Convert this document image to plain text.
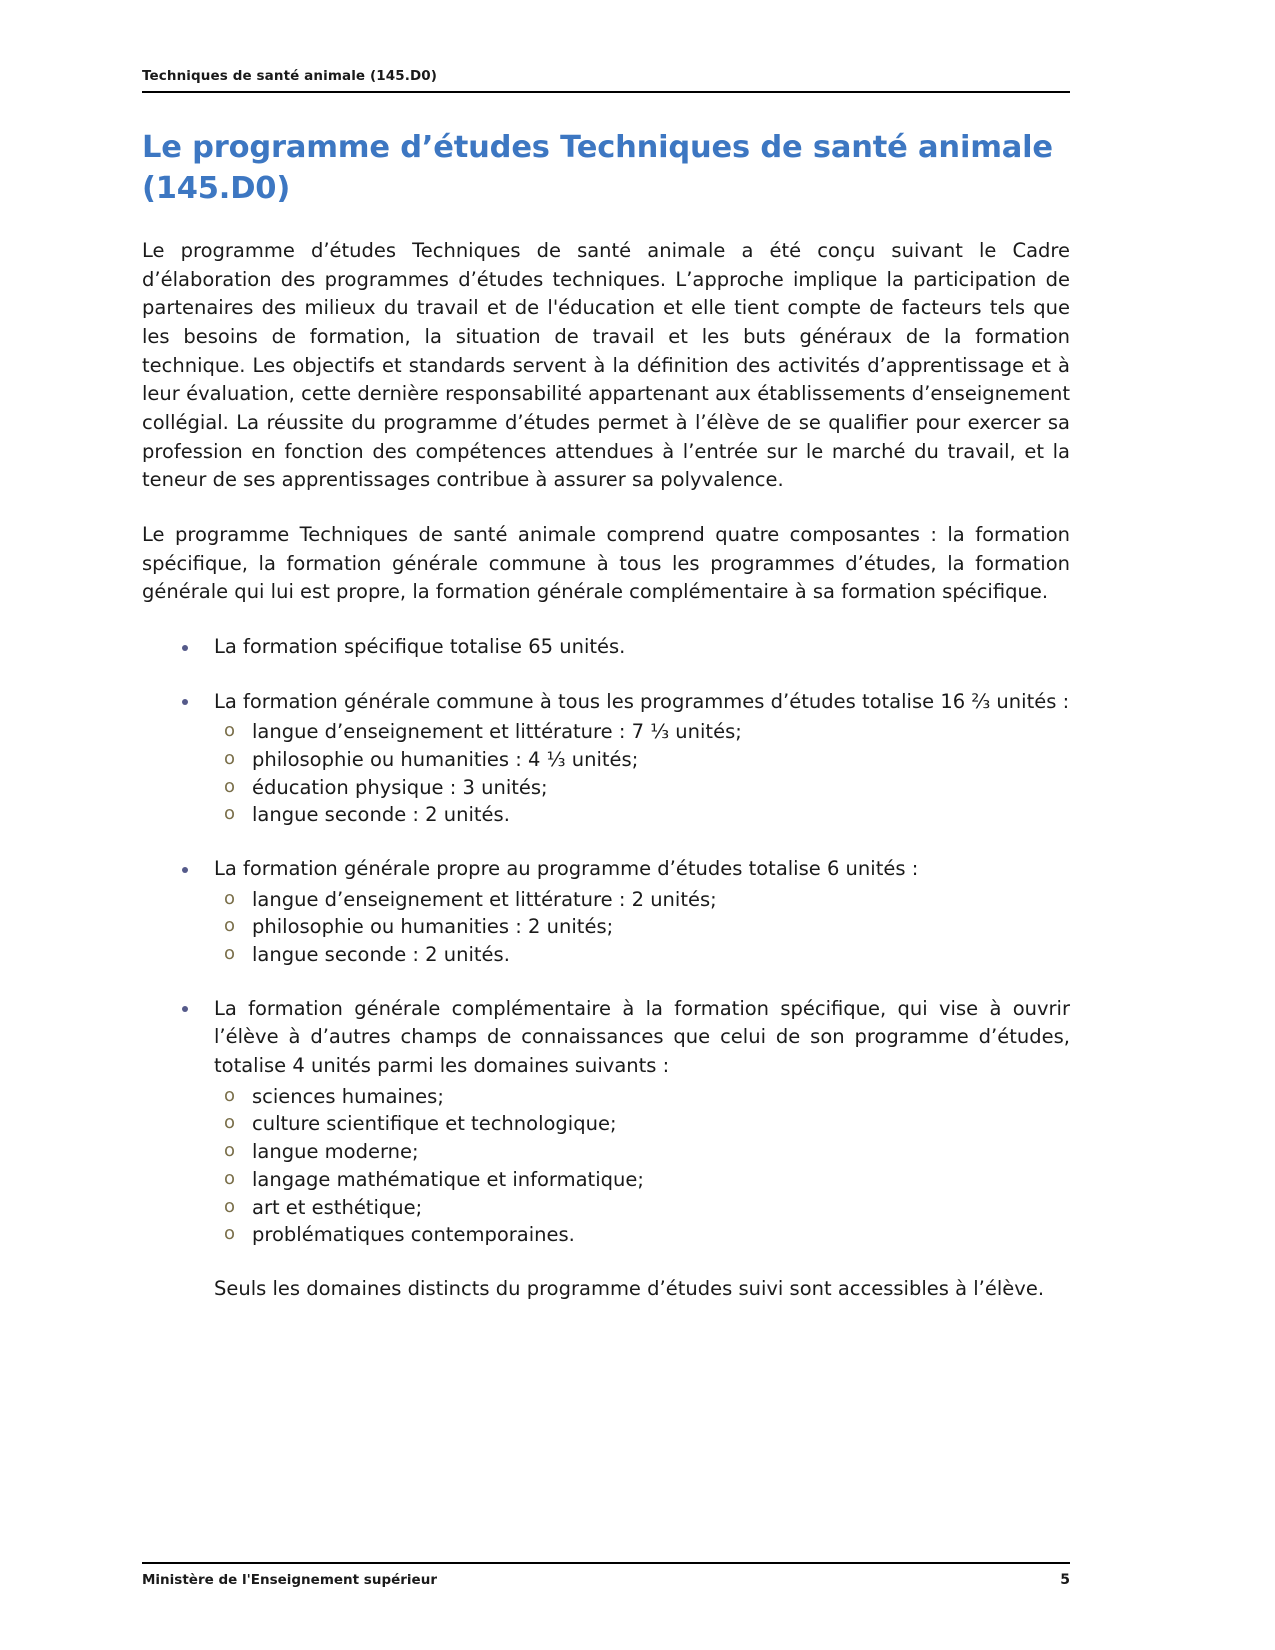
Techniques de santé animale (145.D0)
Le programme d’études Techniques de santé animale (145.D0)

Le programme d’études Techniques de santé animale a été conçu suivant le Cadre d’élaboration des programmes d’études techniques. L’approche implique la participation de partenaires des milieux du travail et de l'éducation et elle tient compte de facteurs tels que les besoins de formation, la situation de travail et les buts généraux de la formation technique. Les objectifs et standards servent à la définition des activités d’apprentissage et à leur évaluation, cette dernière responsabilité appartenant aux établissements d’enseignement collégial. La réussite du programme d’études permet à l’élève de se qualifier pour exercer sa profession en fonction des compétences attendues à l’entrée sur le marché du travail, et la teneur de ses apprentissages contribue à assurer sa polyvalence.

Le programme Techniques de santé animale comprend quatre composantes : la formation spécifique, la formation générale commune à tous les programmes d’études, la formation générale qui lui est propre, la formation générale complémentaire à sa formation spécifique.

La formation spécifique totalise 65 unités.
La formation générale commune à tous les programmes d’études totalise 16 ⅔ unités :
o langue d’enseignement et littérature : 7 ⅓ unités;
o philosophie ou humanities : 4 ⅓ unités;
o éducation physique : 3 unités;
o langue seconde : 2 unités.
La formation générale propre au programme d’études totalise 6 unités :
o langue d’enseignement et littérature : 2 unités;
o philosophie ou humanities : 2 unités;
o langue seconde : 2 unités.
La formation générale complémentaire à la formation spécifique, qui vise à ouvrir l’élève à d’autres champs de connaissances que celui de son programme d’études, totalise 4 unités parmi les domaines suivants :
o sciences humaines;
o culture scientifique et technologique;
o langue moderne;
o langage mathématique et informatique;
o art et esthétique;
o problématiques contemporaines.

Seuls les domaines distincts du programme d’études suivi sont accessibles à l’élève.

Ministère de l'Enseignement supérieur	5
